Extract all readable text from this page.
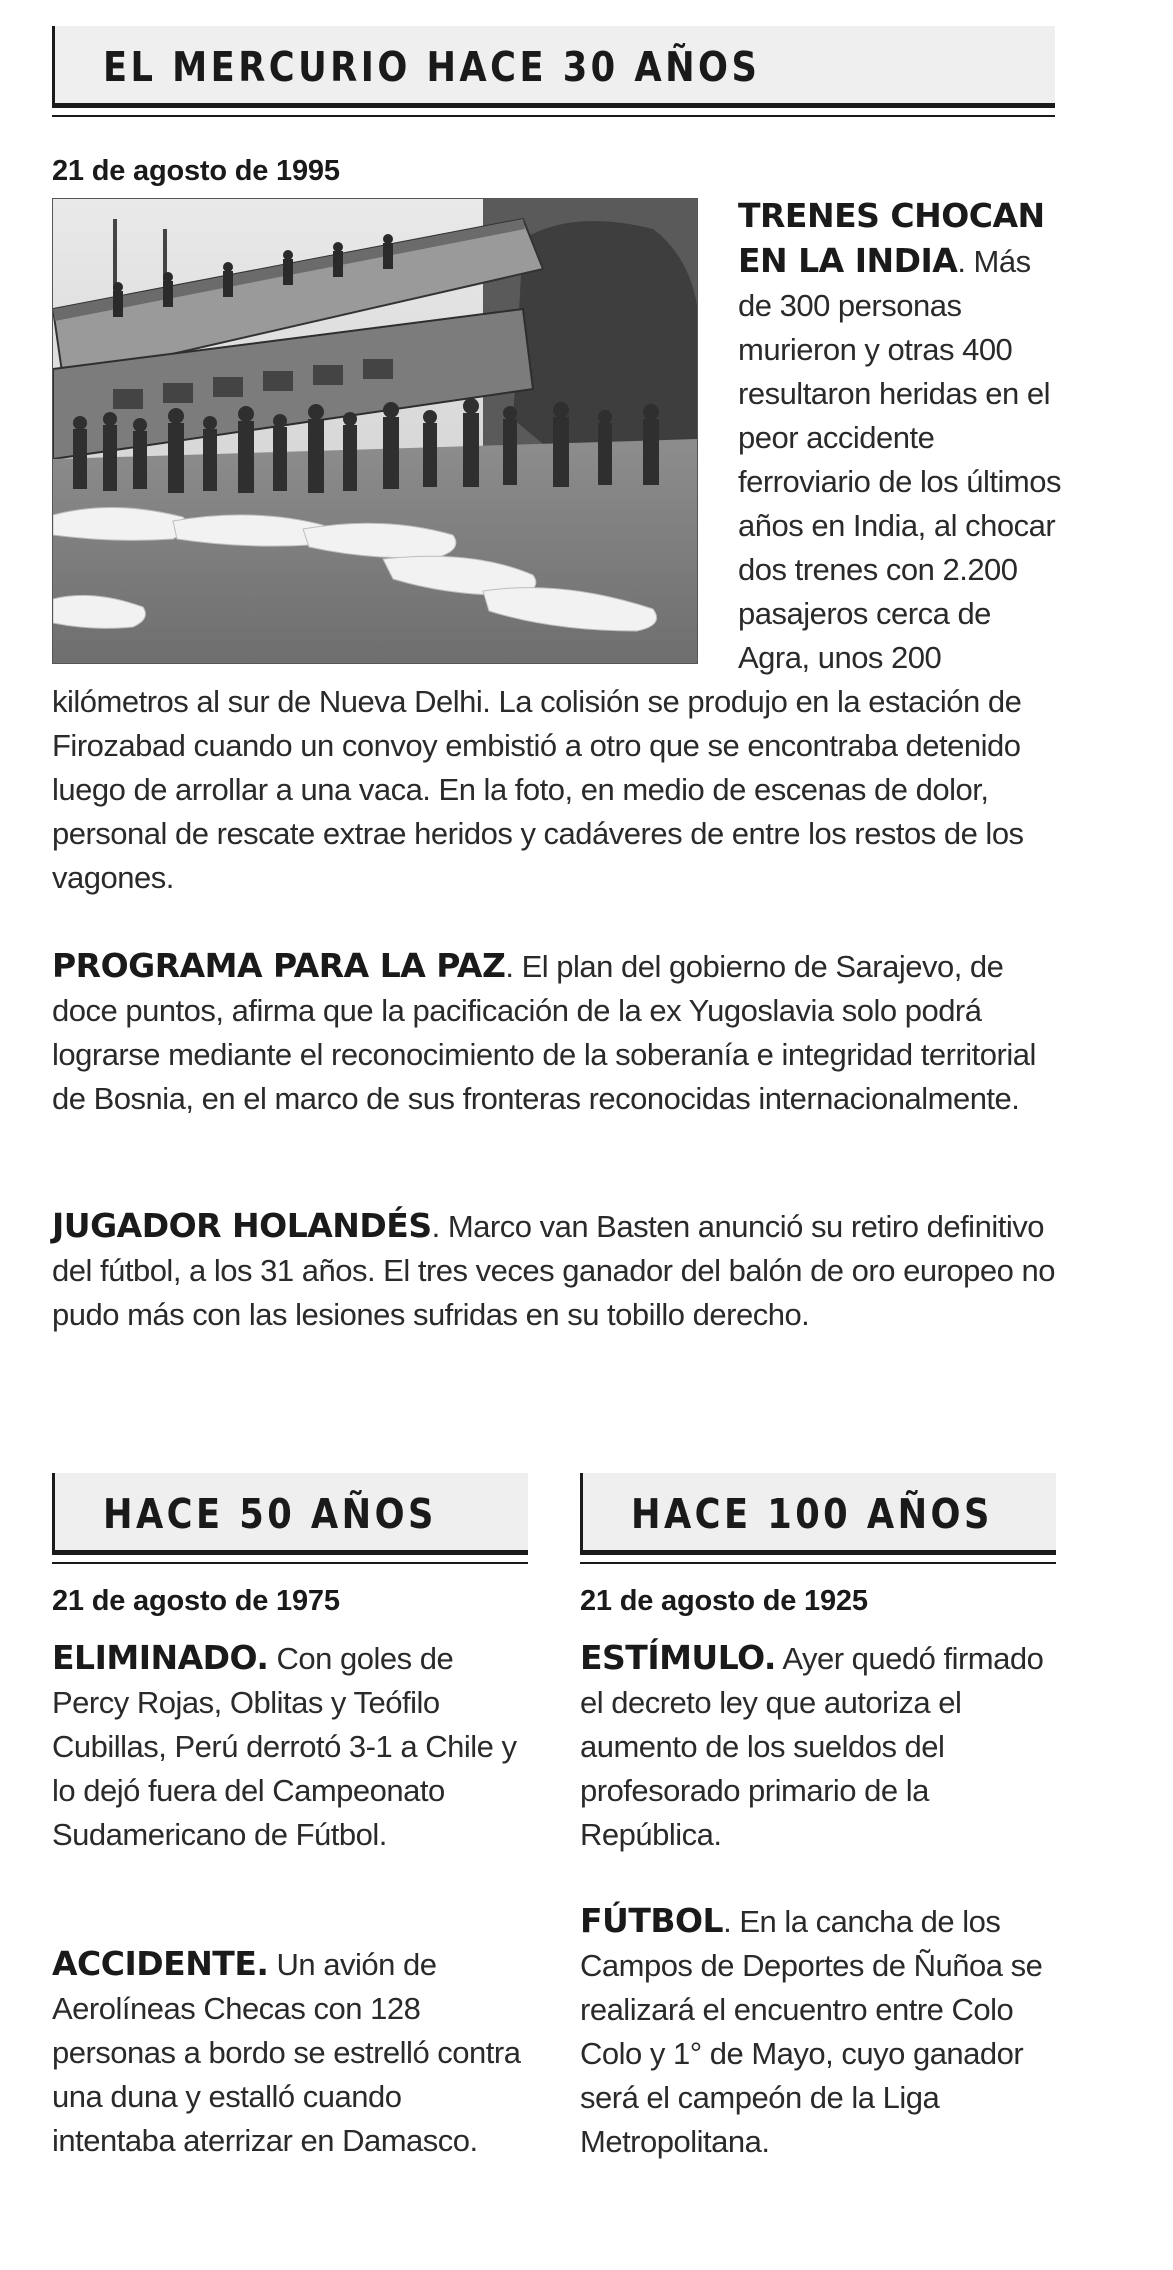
EL MERCURIO HACE 30 AÑOS
21 de agosto de 1995
TRENES CHOCAN EN LA INDIA. Más de 300 personas murieron y otras 400 resultaron heridas en el peor accidente ferroviario de los últimos años en India, al chocar dos trenes con 2.200 pasajeros cerca de Agra, unos 200 kilómetros al sur de Nueva Delhi. La colisión se produjo en la estación de Firozabad cuando un convoy embistió a otro que se encontraba detenido luego de arrollar a una vaca. En la foto, en medio de escenas de dolor, personal de rescate extrae heridos y cadáveres de entre los restos de los vagones.
PROGRAMA PARA LA PAZ. El plan del gobierno de Sarajevo, de doce puntos, afirma que la pacificación de la ex Yugoslavia solo podrá lograrse mediante el reconocimiento de la soberanía e integridad territorial de Bosnia, en el marco de sus fronteras reconocidas internacionalmente.
JUGADOR HOLANDÉS. Marco van Basten anunció su retiro definitivo del fútbol, a los 31 años. El tres veces ganador del balón de oro europeo no pudo más con las lesiones sufridas en su tobillo derecho.
HACE 50 AÑOS
21 de agosto de 1975
ELIMINADO. Con goles de Percy Rojas, Oblitas y Teófilo Cubillas, Perú derrotó 3-1 a Chile y lo dejó fuera del Campeonato Sudamericano de Fútbol.
ACCIDENTE. Un avión de Aerolíneas Checas con 128 personas a bordo se estrelló contra una duna y estalló cuando intentaba aterrizar en Damasco.
HACE 100 AÑOS
21 de agosto de 1925
ESTÍMULO. Ayer quedó firmado el decreto ley que autoriza el aumento de los sueldos del profesorado primario de la República.
FÚTBOL. En la cancha de los Campos de Deportes de Ñuñoa se realizará el encuentro entre Colo Colo y 1° de Mayo, cuyo ganador será el campeón de la Liga Metropolitana.
